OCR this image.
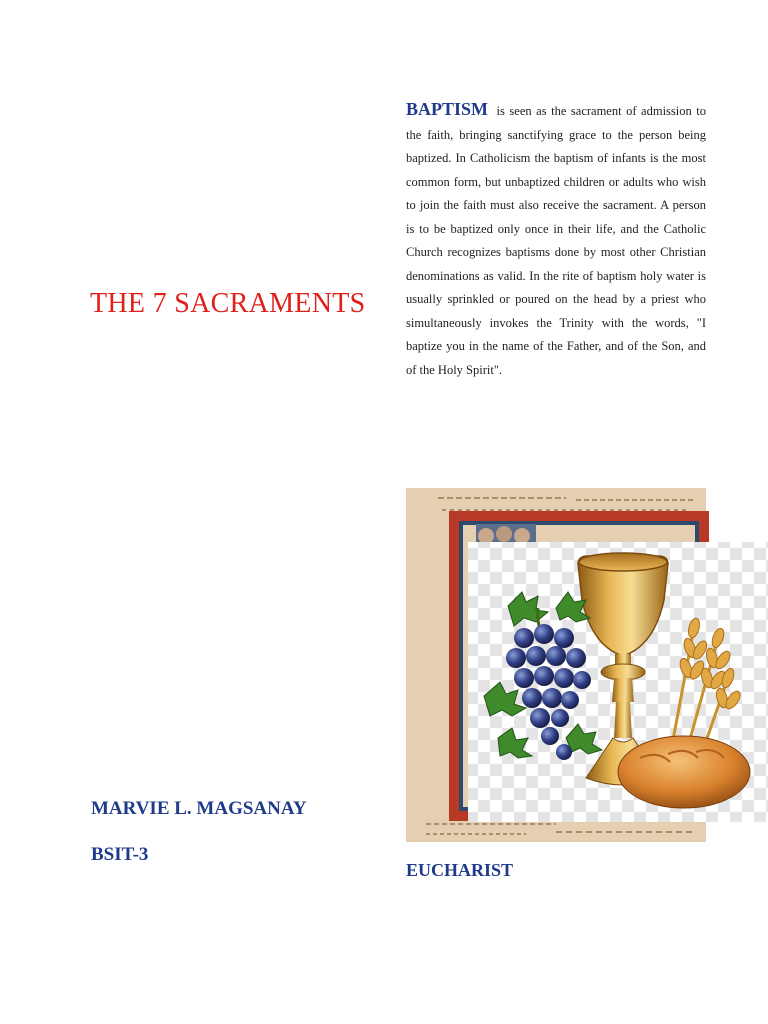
THE 7 SACRAMENTS
MARVIE L. MAGSANAY
BSIT-3

BAPTISM is seen as the sacrament of admission to the faith, bringing sanctifying grace to the person being baptized. In Catholicism the baptism of infants is the most common form, but unbaptized children or adults who wish to join the faith must also receive the sacrament. A person is to be baptized only once in their life, and the Catholic Church recognizes baptisms done by most other Christian denominations as valid. In the rite of baptism holy water is usually sprinkled or poured on the head by a priest who simultaneously invokes the Trinity with the words, "I baptize you in the name of the Father, and of the Son, and of the Holy Spirit".

EUCHARIST
